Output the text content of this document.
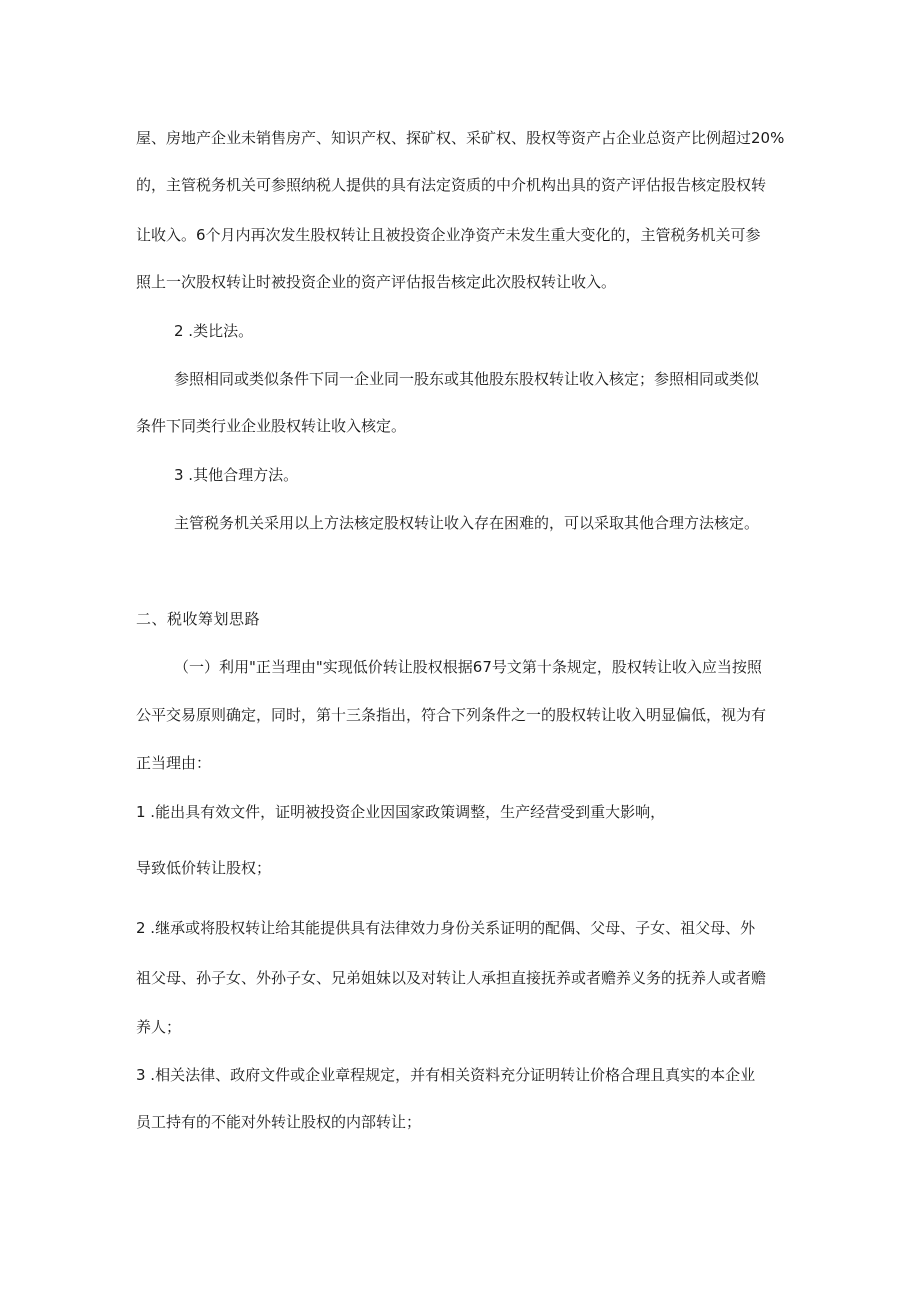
屋、房地产企业未销售房产、知识产权、探矿权、采矿权、股权等资产占企业总资产比例超过20%
的，主管税务机关可参照纳税人提供的具有法定资质的中介机构出具的资产评估报告核定股权转
让收入。6个月内再次发生股权转让且被投资企业净资产未发生重大变化的，主管税务机关可参
照上一次股权转让时被投资企业的资产评估报告核定此次股权转让收入。
2 .类比法。
参照相同或类似条件下同一企业同一股东或其他股东股权转让收入核定；参照相同或类似
条件下同类行业企业股权转让收入核定。
3 .其他合理方法。
主管税务机关采用以上方法核定股权转让收入存在困难的，可以采取其他合理方法核定。
二、税收筹划思路
（一）利用"正当理由"实现低价转让股权根据67号文第十条规定，股权转让收入应当按照
公平交易原则确定，同时，第十三条指出，符合下列条件之一的股权转让收入明显偏低，视为有
正当理由：
1 .能出具有效文件，证明被投资企业因国家政策调整，生产经营受到重大影响，
导致低价转让股权；
2 .继承或将股权转让给其能提供具有法律效力身份关系证明的配偶、父母、子女、祖父母、外
祖父母、孙子女、外孙子女、兄弟姐妹以及对转让人承担直接抚养或者赡养义务的抚养人或者赡
养人；
3 .相关法律、政府文件或企业章程规定，并有相关资料充分证明转让价格合理且真实的本企业
员工持有的不能对外转让股权的内部转让；
